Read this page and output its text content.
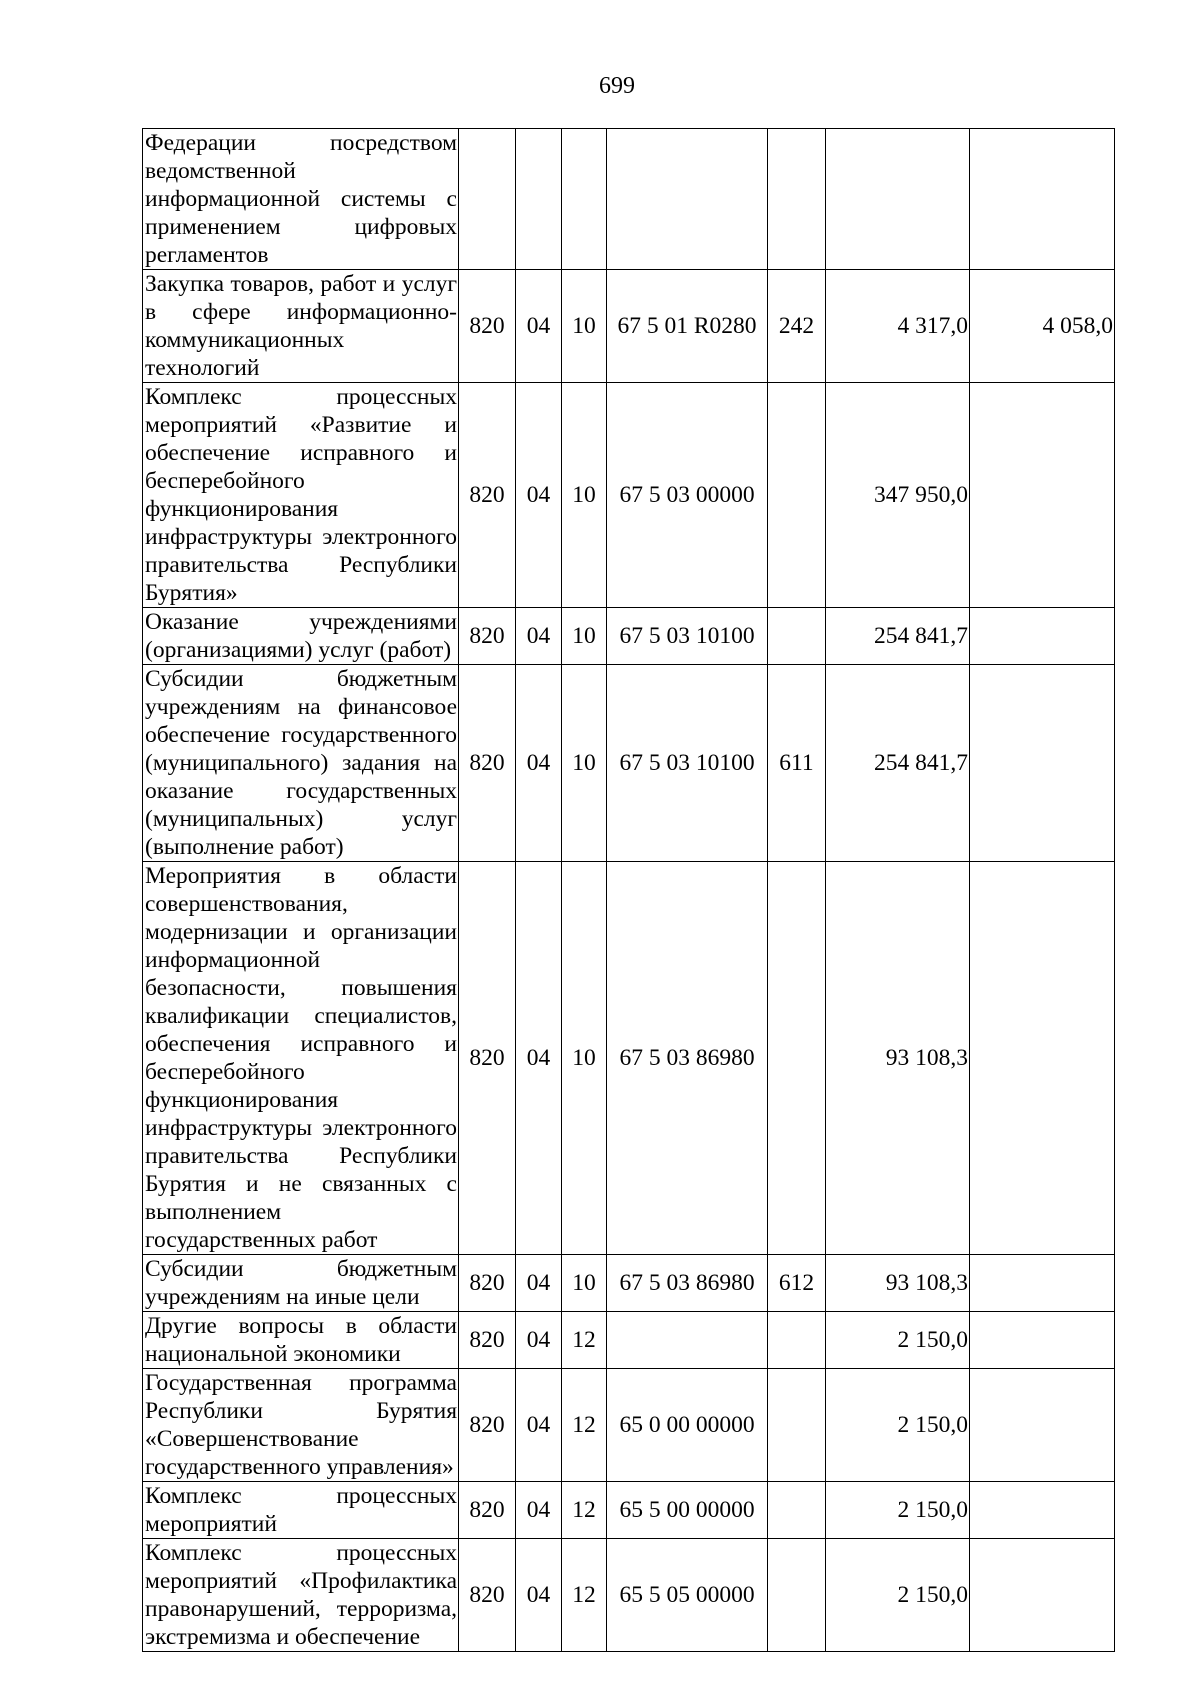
699
Федерации посредством ведомственной информационной системы с применением цифровых регламентов							
Закупка товаров, работ и услуг в сфере информационно-коммуникационных технологий	820	04	10	67 5 01 R0280	242	4 317,0	4 058,0
Комплекс процессных мероприятий «Развитие и обеспечение исправного и бесперебойного функционирования инфраструктуры электронного правительства Республики Бурятия»	820	04	10	67 5 03 00000		347 950,0	
Оказание учреждениями (организациями) услуг (работ)	820	04	10	67 5 03 10100		254 841,7	
Субсидии бюджетным учреждениям на финансовое обеспечение государственного (муниципального) задания на оказание государственных (муниципальных) услуг (выполнение работ)	820	04	10	67 5 03 10100	611	254 841,7	
Мероприятия в области совершенствования, модернизации и организации информационной безопасности, повышения квалификации специалистов, обеспечения исправного и бесперебойного функционирования инфраструктуры электронного правительства Республики Бурятия и не связанных с выполнением государственных работ	820	04	10	67 5 03 86980		93 108,3	
Субсидии бюджетным учреждениям на иные цели	820	04	10	67 5 03 86980	612	93 108,3	
Другие вопросы в области национальной экономики	820	04	12			2 150,0	
Государственная программа Республики Бурятия «Совершенствование государственного управления»	820	04	12	65 0 00 00000		2 150,0	
Комплекс процессных мероприятий	820	04	12	65 5 00 00000		2 150,0	
Комплекс процессных мероприятий «Профилактика правонарушений, терроризма, экстремизма и обеспечение	820	04	12	65 5 05 00000		2 150,0	
